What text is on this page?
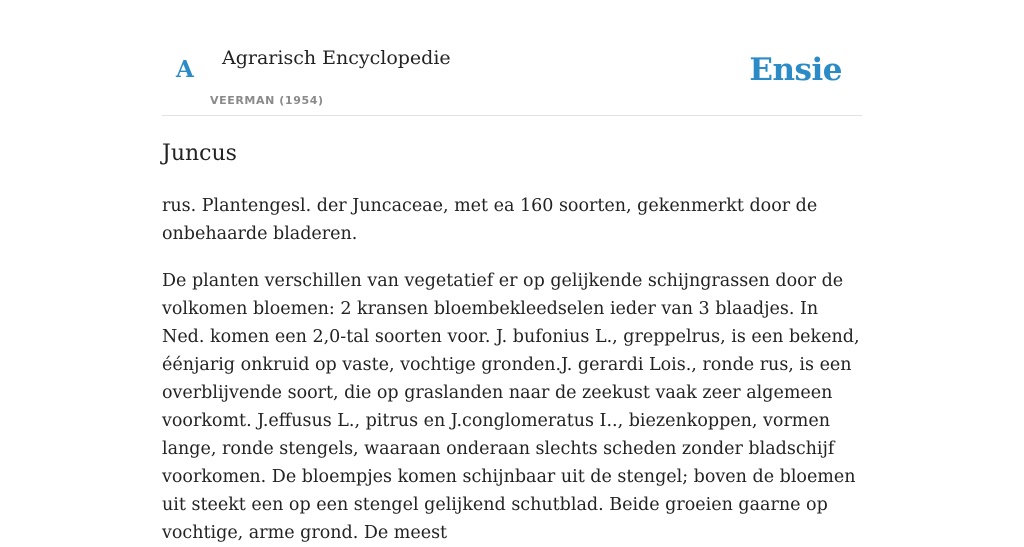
A Agrarisch Encyclopedie
VEERMAN (1954)
Ensie
Juncus

rus. Plantengesl. der Juncaceae, met ea 160 soorten, gekenmerkt door de onbehaarde bladeren.

De planten verschillen van vegetatief er op gelijkende schijngrassen door de volkomen bloemen: 2 kransen bloembekleedselen ieder van 3 blaadjes. In Ned. komen een 2,0-tal soorten voor. J. bufonius L., greppelrus, is een bekend, éénjarig onkruid op vaste, vochtige gronden.J. gerardi Lois., ronde rus, is een overblijvende soort, die op graslanden naar de zeekust vaak zeer algemeen voorkomt. J.effusus L., pitrus en J.conglomeratus I.., biezenkoppen, vormen lange, ronde stengels, waaraan onderaan slechts scheden zonder bladschijf voorkomen. De bloempjes komen schijnbaar uit de stengel; boven de bloemen uit steekt een op een stengel gelijkend schutblad. Beide groeien gaarne op vochtige, arme grond. De meest
